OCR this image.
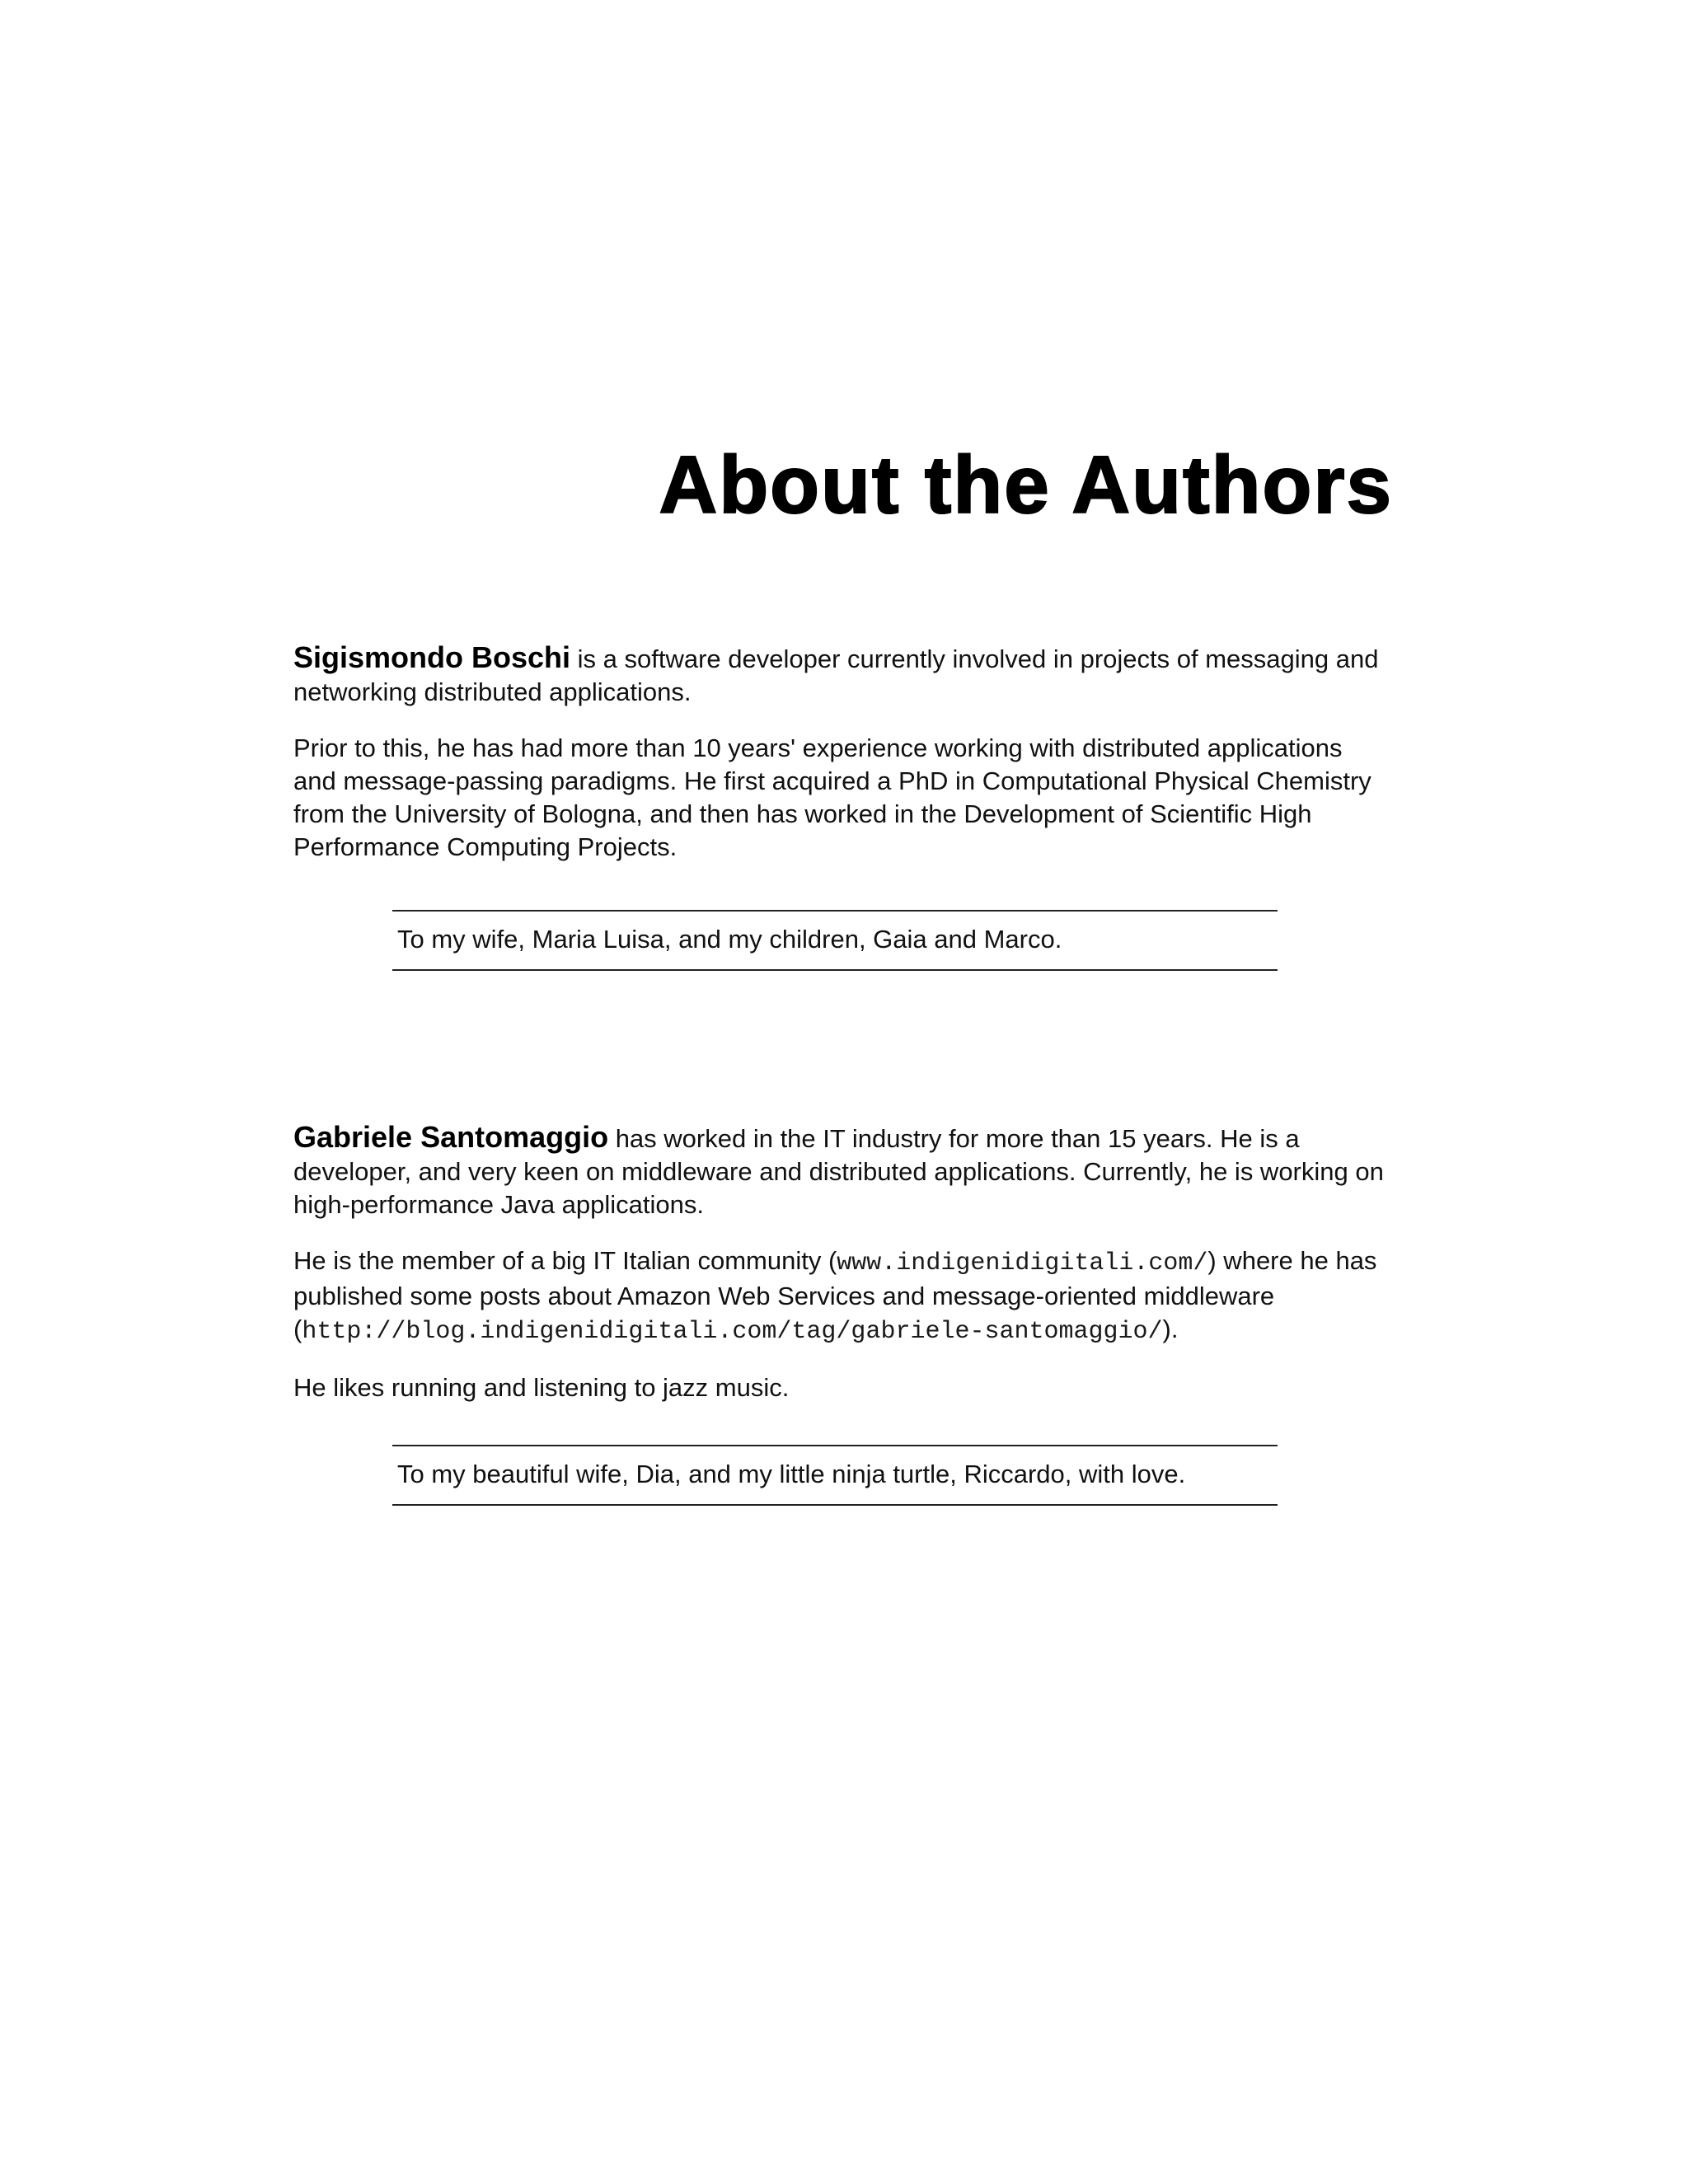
About the Authors

Sigismondo Boschi is a software developer currently involved in projects of messaging and networking distributed applications.

Prior to this, he has had more than 10 years' experience working with distributed applications and message-passing paradigms. He first acquired a PhD in Computational Physical Chemistry from the University of Bologna, and then has worked in the Development of Scientific High Performance Computing Projects.

To my wife, Maria Luisa, and my children, Gaia and Marco.

Gabriele Santomaggio has worked in the IT industry for more than 15 years. He is a developer, and very keen on middleware and distributed applications. Currently, he is working on high-performance Java applications.

He is the member of a big IT Italian community (www.indigenidigitali.com/) where he has published some posts about Amazon Web Services and message-oriented middleware (http://blog.indigenidigitali.com/tag/gabriele-santomaggio/).

He likes running and listening to jazz music.

To my beautiful wife, Dia, and my little ninja turtle, Riccardo, with love.
